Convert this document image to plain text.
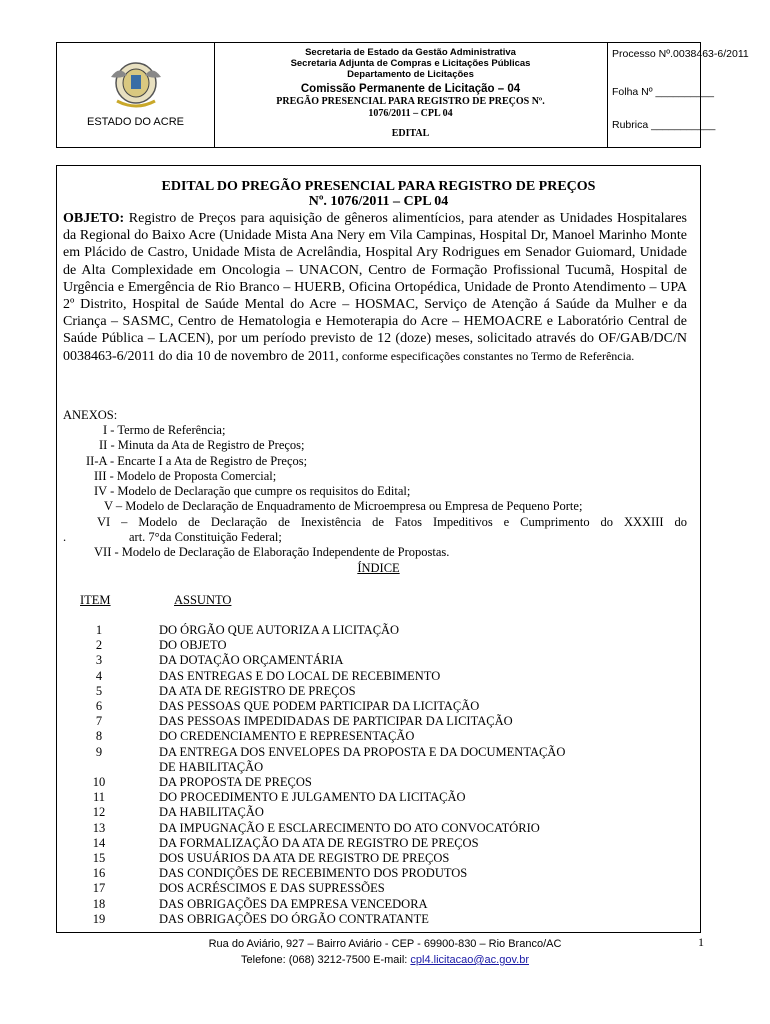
ESTADO DO ACRE
Secretaria de Estado da Gestão Administrativa
Secretaria Adjunta de Compras e Licitações Públicas
Departamento de Licitações
Comissão Permanente de Licitação – 04
PREGÃO PRESENCIAL PARA REGISTRO DE PREÇOS Nº.
1076/2011 – CPL 04
EDITAL
Processo Nº.0038463-6/2011
Folha Nº __________
Rubrica ___________
EDITAL DO PREGÃO PRESENCIAL PARA REGISTRO DE PREÇOS
Nº. 1076/2011 – CPL 04
OBJETO: Registro de Preços para aquisição de gêneros alimentícios, para atender as Unidades Hospitalares da Regional do Baixo Acre (Unidade Mista Ana Nery em Vila Campinas, Hospital Dr, Manoel Marinho Monte em Plácido de Castro, Unidade Mista de Acrelândia, Hospital Ary Rodrigues em Senador Guiomard, Unidade de Alta Complexidade em Oncologia – UNACON, Centro de Formação Profissional Tucumã, Hospital de Urgência e Emergência de Rio Branco – HUERB, Oficina Ortopédica, Unidade de Pronto Atendimento – UPA 2º Distrito, Hospital de Saúde Mental do Acre – HOSMAC, Serviço de Atenção á Saúde da Mulher e da Criança – SASMC, Centro de Hematologia e Hemoterapia do Acre – HEMOACRE e Laboratório Central de Saúde Pública – LACEN), por um período previsto de 12 (doze) meses, solicitado através do OF/GAB/DC/N 0038463-6/2011 do dia 10 de novembro de 2011, conforme especificações constantes no Termo de Referência.
ANEXOS:
I - Termo de Referência;
II - Minuta da Ata de Registro de Preços;
II-A - Encarte I a Ata de Registro de Preços;
III - Modelo de Proposta Comercial;
IV - Modelo de Declaração que cumpre os requisitos do Edital;
V – Modelo de Declaração de Enquadramento de Microempresa ou Empresa de Pequeno Porte;
VI – Modelo de Declaração de Inexistência de Fatos Impeditivos e Cumprimento do XXXIII do
.	art. 7°da Constituição Federal;
VII - Modelo de Declaração de Elaboração Independente de Propostas.
ÍNDICE
ITEM	ASSUNTO
1	DO ÓRGÃO QUE AUTORIZA A LICITAÇÃO
2	DO OBJETO
3	DA DOTAÇÃO ORÇAMENTÁRIA
4	DAS ENTREGAS E DO LOCAL DE RECEBIMENTO
5	DA ATA DE REGISTRO DE PREÇOS
6	DAS PESSOAS QUE PODEM PARTICIPAR DA LICITAÇÃO
7	DAS PESSOAS IMPEDIDADAS DE PARTICIPAR DA LICITAÇÃO
8	DO CREDENCIAMENTO E REPRESENTAÇÃO
9	DA ENTREGA DOS ENVELOPES DA PROPOSTA E DA DOCUMENTAÇÃO
DE HABILITAÇÃO
10	DA PROPOSTA DE PREÇOS
11	DO PROCEDIMENTO E JULGAMENTO DA LICITAÇÃO
12	DA HABILITAÇÃO
13	DA IMPUGNAÇÃO E ESCLARECIMENTO DO ATO CONVOCATÓRIO
14	DA FORMALIZAÇÃO DA ATA DE REGISTRO DE PREÇOS
15	DOS USUÁRIOS DA ATA DE REGISTRO DE PREÇOS
16	DAS CONDIÇÕES DE RECEBIMENTO DOS PRODUTOS
17	DOS ACRÉSCIMOS E DAS SUPRESSÕES
18	DAS OBRIGAÇÕES DA EMPRESA VENCEDORA
19	DAS OBRIGAÇÕES DO ÓRGÃO CONTRATANTE
Rua do Aviário, 927 – Bairro Aviário - CEP - 69900-830 – Rio Branco/AC
Telefone: (068) 3212-7500 E-mail: cpl4.licitacao@ac.gov.br
1
